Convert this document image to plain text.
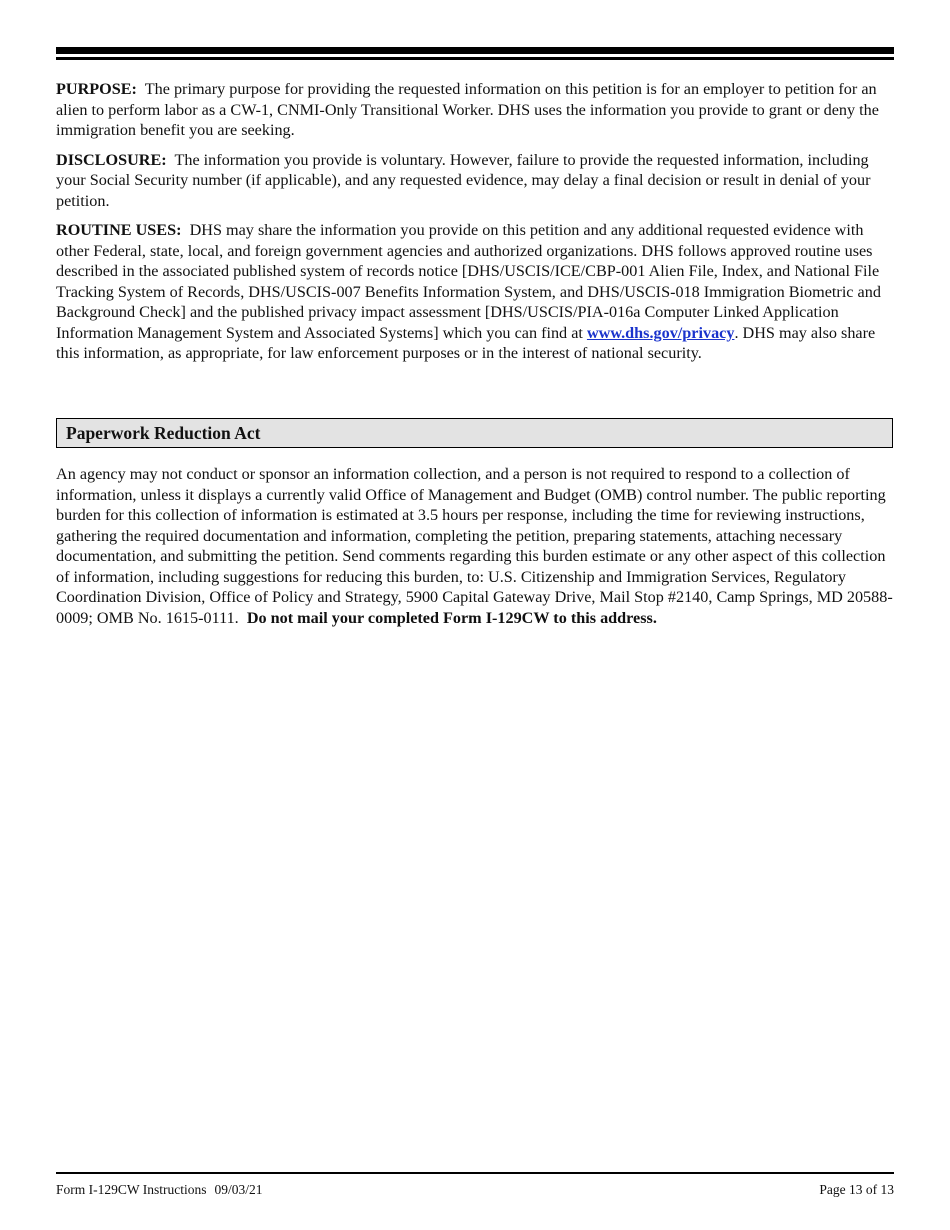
PURPOSE: The primary purpose for providing the requested information on this petition is for an employer to petition for an alien to perform labor as a CW-1, CNMI-Only Transitional Worker. DHS uses the information you provide to grant or deny the immigration benefit you are seeking.

DISCLOSURE: The information you provide is voluntary. However, failure to provide the requested information, including your Social Security number (if applicable), and any requested evidence, may delay a final decision or result in denial of your petition.

ROUTINE USES: DHS may share the information you provide on this petition and any additional requested evidence with other Federal, state, local, and foreign government agencies and authorized organizations. DHS follows approved routine uses described in the associated published system of records notice [DHS/USCIS/ICE/CBP-001 Alien File, Index, and National File Tracking System of Records, DHS/USCIS-007 Benefits Information System, and DHS/USCIS-018 Immigration Biometric and Background Check] and the published privacy impact assessment [DHS/USCIS/PIA-016a Computer Linked Application Information Management System and Associated Systems] which you can find at www.dhs.gov/privacy. DHS may also share this information, as appropriate, for law enforcement purposes or in the interest of national security.

Paperwork Reduction Act

An agency may not conduct or sponsor an information collection, and a person is not required to respond to a collection of information, unless it displays a currently valid Office of Management and Budget (OMB) control number. The public reporting burden for this collection of information is estimated at 3.5 hours per response, including the time for reviewing instructions, gathering the required documentation and information, completing the petition, preparing statements, attaching necessary documentation, and submitting the petition. Send comments regarding this burden estimate or any other aspect of this collection of information, including suggestions for reducing this burden, to: U.S. Citizenship and Immigration Services, Regulatory Coordination Division, Office of Policy and Strategy, 5900 Capital Gateway Drive, Mail Stop #2140, Camp Springs, MD 20588-0009; OMB No. 1615-0111. Do not mail your completed Form I-129CW to this address.

Form I-129CW Instructions 09/03/21	Page 13 of 13
